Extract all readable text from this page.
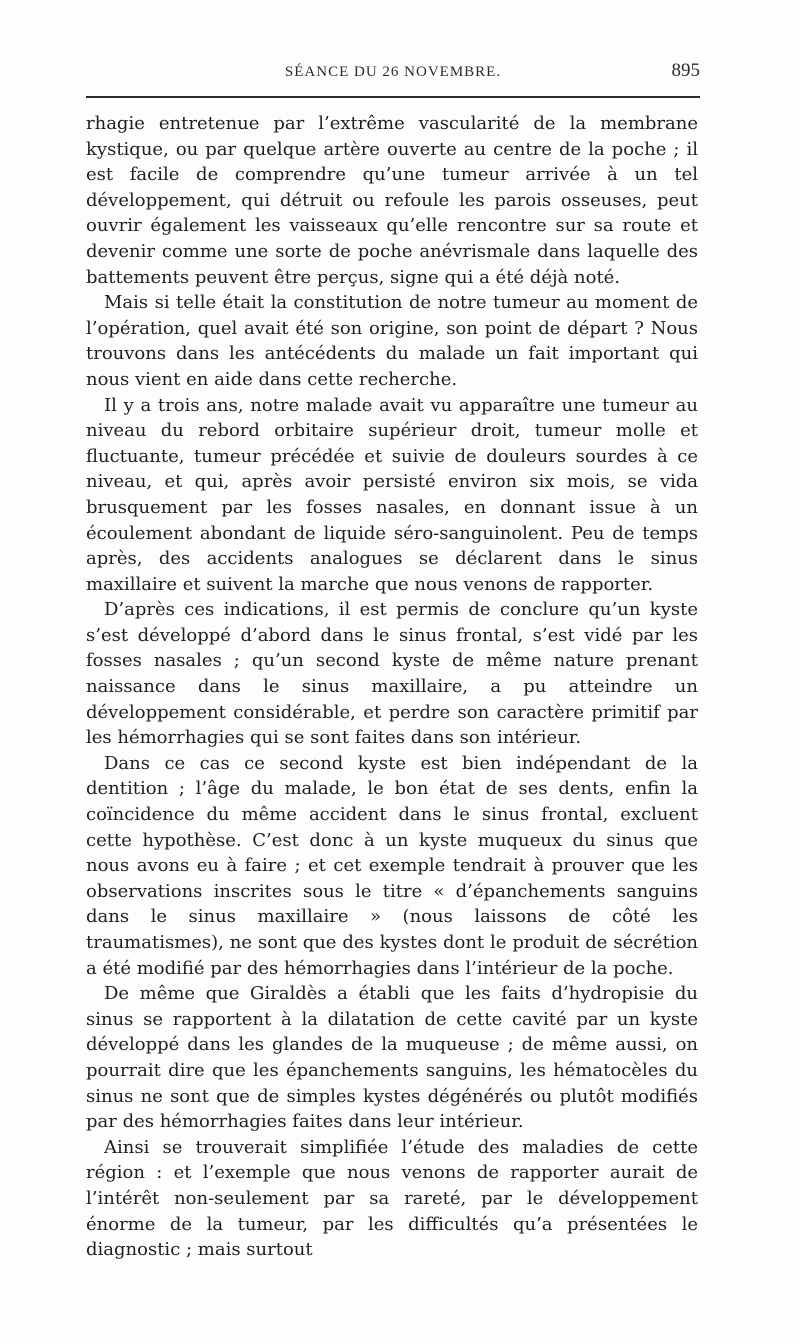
SÉANCE DU 26 NOVEMBRE.	895

rhagie entretenue par l’extrême vascularité de la membrane kystique, ou par quelque artère ouverte au centre de la poche ; il est facile de comprendre qu’une tumeur arrivée à un tel développement, qui détruit ou refoule les parois osseuses, peut ouvrir également les vaisseaux qu’elle rencontre sur sa route et devenir comme une sorte de poche anévrismale dans laquelle des battements peuvent être perçus, signe qui a été déjà noté.

Mais si telle était la constitution de notre tumeur au moment de l’opération, quel avait été son origine, son point de départ ? Nous trouvons dans les antécédents du malade un fait important qui nous vient en aide dans cette recherche.

Il y a trois ans, notre malade avait vu apparaître une tumeur au niveau du rebord orbitaire supérieur droit, tumeur molle et fluctuante, tumeur précédée et suivie de douleurs sourdes à ce niveau, et qui, après avoir persisté environ six mois, se vida brusquement par les fosses nasales, en donnant issue à un écoulement abondant de liquide séro-sanguinolent. Peu de temps après, des accidents analogues se déclarent dans le sinus maxillaire et suivent la marche que nous venons de rapporter.

D’après ces indications, il est permis de conclure qu’un kyste s’est développé d’abord dans le sinus frontal, s’est vidé par les fosses nasales ; qu’un second kyste de même nature prenant naissance dans le sinus maxillaire, a pu atteindre un développement considérable, et perdre son caractère primitif par les hémorrhagies qui se sont faites dans son intérieur.

Dans ce cas ce second kyste est bien indépendant de la dentition ; l’âge du malade, le bon état de ses dents, enfin la coïncidence du même accident dans le sinus frontal, excluent cette hypothèse. C’est donc à un kyste muqueux du sinus que nous avons eu à faire ; et cet exemple tendrait à prouver que les observations inscrites sous le titre « d’épanchements sanguins dans le sinus maxillaire » (nous laissons de côté les traumatismes), ne sont que des kystes dont le produit de sécrétion a été modifié par des hémorrhagies dans l’intérieur de la poche.

De même que Giraldès a établi que les faits d’hydropisie du sinus se rapportent à la dilatation de cette cavité par un kyste développé dans les glandes de la muqueuse ; de même aussi, on pourrait dire que les épanchements sanguins, les hématocèles du sinus ne sont que de simples kystes dégénérés ou plutôt modifiés par des hémorrhagies faites dans leur intérieur.

Ainsi se trouverait simplifiée l’étude des maladies de cette région : et l’exemple que nous venons de rapporter aurait de l’intérêt non-seulement par sa rareté, par le développement énorme de la tumeur, par les difficultés qu’a présentées le diagnostic ; mais surtout
